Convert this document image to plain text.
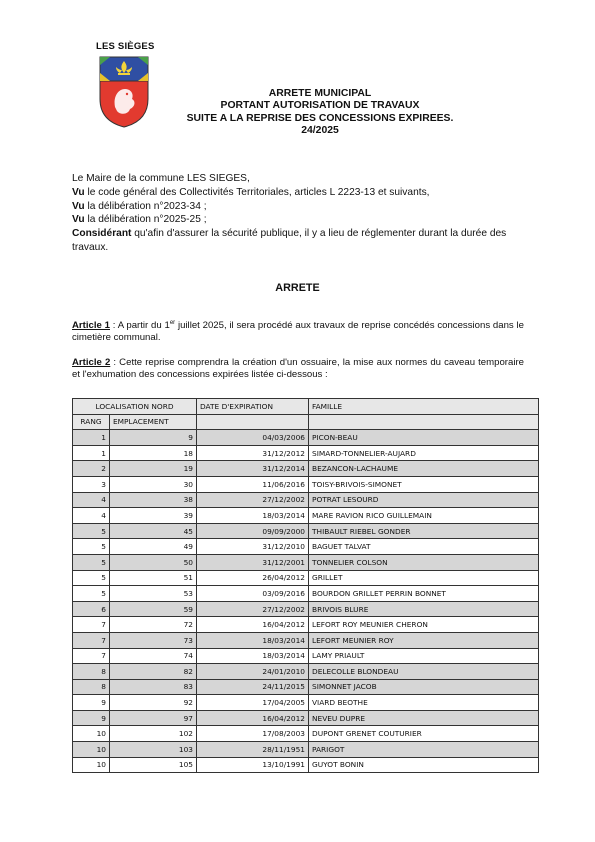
LES SIÈGES
ARRETE MUNICIPAL
PORTANT AUTORISATION DE TRAVAUX
SUITE A LA REPRISE DES CONCESSIONS EXPIREES.
24/2025
Le Maire de la commune LES SIEGES,
Vu le code général des Collectivités Territoriales, articles L 2223-13 et suivants,
Vu la délibération n°2023-34 ;
Vu la délibération n°2025-25 ;
Considérant qu'afin d'assurer la sécurité publique, il y a lieu de réglementer durant la durée des travaux.
ARRETE
Article 1 : A partir du 1er juillet 2025, il sera procédé aux travaux de reprise concédés concessions dans le cimetière communal.
Article 2 : Cette reprise comprendra la création d'un ossuaire, la mise aux normes du caveau temporaire et l'exhumation des concessions expirées listée ci-dessous :
LOCALISATION NORD		DATE D'EXPIRATION	FAMILLE
RANG	EMPLACEMENT		
1	9	04/03/2006	PICON-BEAU
1	18	31/12/2012	SIMARD-TONNELIER-AUJARD
2	19	31/12/2014	BEZANCON-LACHAUME
3	30	11/06/2016	TOISY-BRIVOIS-SIMONET
4	38	27/12/2002	POTRAT LESOURD
4	39	18/03/2014	MARE RAVION RICO GUILLEMAIN
5	45	09/09/2000	THIBAULT RIEBEL GONDER
5	49	31/12/2010	BAGUET TALVAT
5	50	31/12/2001	TONNELIER COLSON
5	51	26/04/2012	GRILLET
5	53	03/09/2016	BOURDON GRILLET PERRIN BONNET
6	59	27/12/2002	BRIVOIS BLURE
7	72	16/04/2012	LEFORT ROY MEUNIER CHERON
7	73	18/03/2014	LEFORT MEUNIER ROY
7	74	18/03/2014	LAMY PRIAULT
8	82	24/01/2010	DELECOLLE BLONDEAU
8	83	24/11/2015	SIMONNET JACOB
9	92	17/04/2005	VIARD BEOTHE
9	97	16/04/2012	NEVEU DUPRE
10	102	17/08/2003	DUPONT GRENET COUTURIER
10	103	28/11/1951	PARIGOT
10	105	13/10/1991	GUYOT BONIN
